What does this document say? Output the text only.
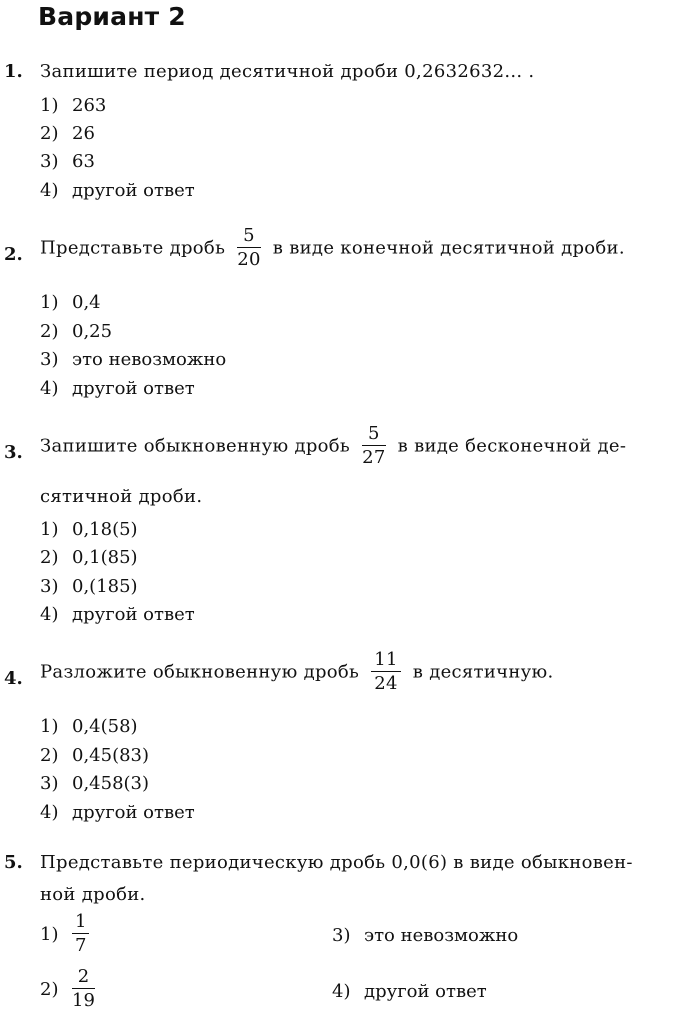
Вариант 2
1. Запишите период десятичной дроби 0,2632632... .
1) 263
2) 26
3) 63
4) другой ответ
2. Представьте дробь $\frac{5}{20}$ в виде конечной десятичной дроби.
1) 0,4
2) 0,25
3) это невозможно
4) другой ответ
3. Запишите обыкновенную дробь $\frac{5}{27}$ в виде бесконечной де-
сятичной дроби.
1) 0,18(5)
2) 0,1(85)
3) 0,(185)
4) другой ответ
4. Разложите обыкновенную дробь $\frac{11}{24}$ в десятичную.
1) 0,4(58)
2) 0,45(83)
3) 0,458(3)
4) другой ответ
5. Представьте периодическую дробь 0,0(6) в виде обыкновен-
ной дроби.
$1) \frac{1}{7}$	3) это невозможно
$2) \frac{2}{19}$	4) другой ответ
